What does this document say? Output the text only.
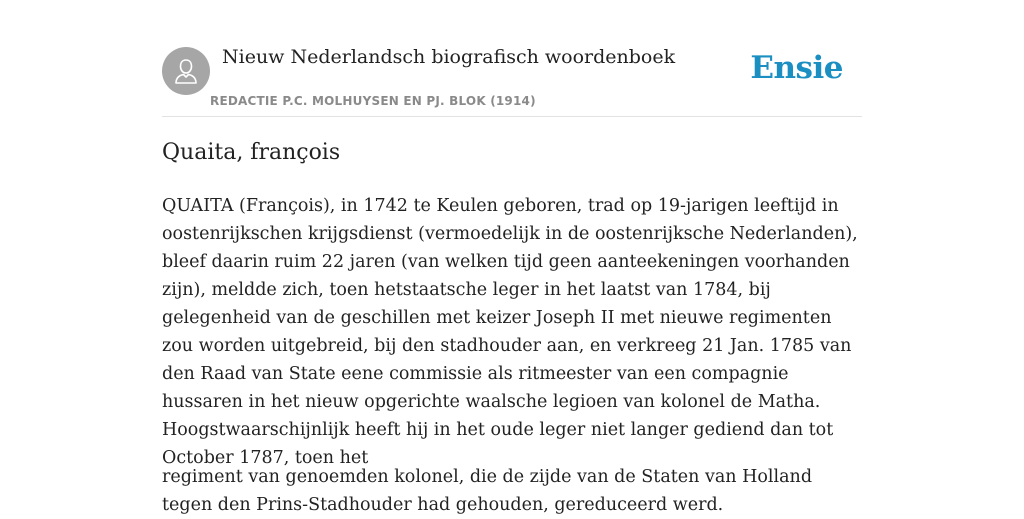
Nieuw Nederlandsch biografisch woordenboek
REDACTIE P.C. MOLHUYSEN EN PJ. BLOK (1914)
Ensie
Quaita, françois

QUAITA (François), in 1742 te Keulen geboren, trad op 19-jarigen leeftijd in oostenrijkschen krijgsdienst (vermoedelijk in de oostenrijksche Nederlanden), bleef daarin ruim 22 jaren (van welken tijd geen aanteekeningen voorhanden zijn), meldde zich, toen hetstaatsche leger in het laatst van 1784, bij gelegenheid van de geschillen met keizer Joseph II met nieuwe regimenten zou worden uitgebreid, bij den stadhouder aan, en verkreeg 21 Jan. 1785 van den Raad van State eene commissie als ritmeester van een compagnie hussaren in het nieuw opgerichte waalsche legioen van kolonel de Matha. Hoogstwaarschijnlijk heeft hij in het oude leger niet langer gediend dan tot October 1787, toen het

regiment van genoemden kolonel, die de zijde van de Staten van Holland tegen den Prins-Stadhouder had gehouden, gereduceerd werd.
